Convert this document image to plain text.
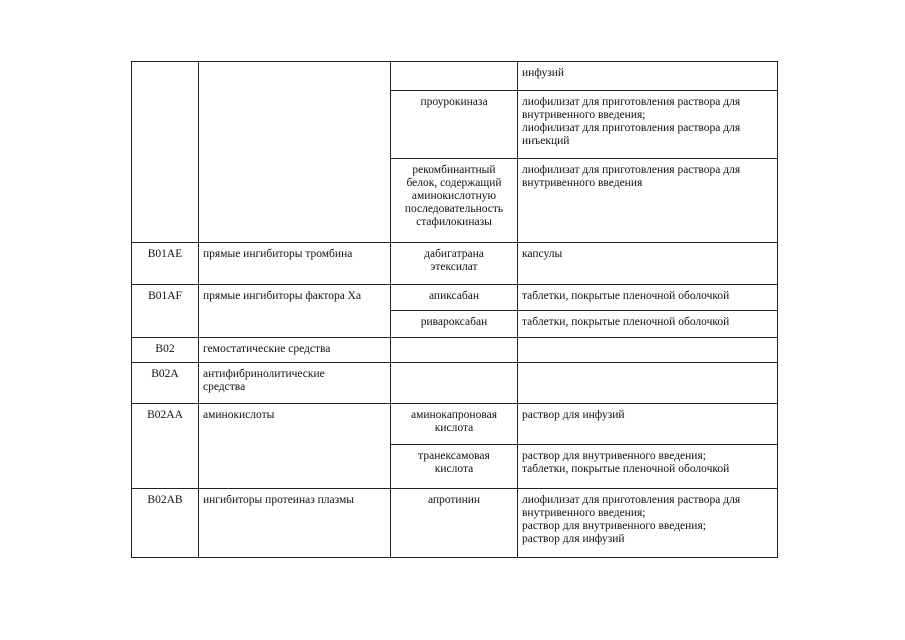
			инфузий

		проурокиназа	лиофилизат для приготовления раствора для
внутривенного введения;
лиофилизат для приготовления раствора для
инъекций

		рекомбинантный
белок, содержащий
аминокислотную
последовательность
стафилокиназы	лиофилизат для приготовления раствора для
внутривенного введения

B01AE	прямые ингибиторы тромбина	дабигатрана
этексилат	капсулы

B01AF	прямые ингибиторы фактора Xa	апиксабан	таблетки, покрытые пленочной оболочкой

		ривароксабан	таблетки, покрытые пленочной оболочкой

B02	гемостатические средства		

B02A	антифибринолитические
средства		

B02AA	аминокислоты	аминокапроновая
кислота	раствор для инфузий

		транексамовая
кислота	раствор для внутривенного введения;
таблетки, покрытые пленочной оболочкой

B02AB	ингибиторы протеиназ плазмы	апротинин	лиофилизат для приготовления раствора для
внутривенного введения;
раствор для внутривенного введения;
раствор для инфузий
